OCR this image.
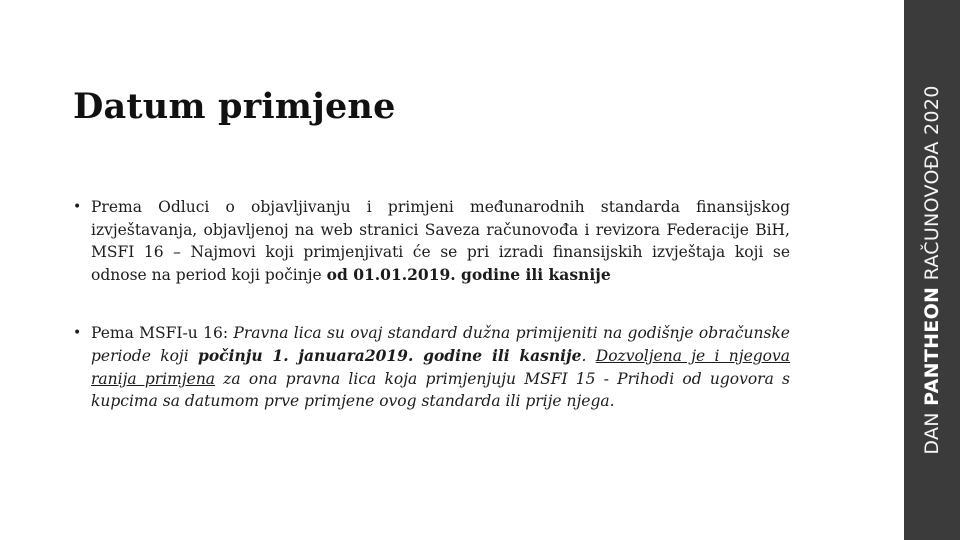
Datum primjene
• Prema Odluci o objavljivanju i primjeni međunarodnih standarda finansijskog izvještavanja, objavljenoj na web stranici Saveza računovođa i revizora Federacije BiH, MSFI 16 – Najmovi koji primjenjivati će se pri izradi finansijskih izvještaja koji se odnose na period koji počinje od 01.01.2019. godine ili kasnije
• Pema MSFI-u 16: Pravna lica su ovaj standard dužna primijeniti na godišnje obračunske periode koji počinju 1. januara2019. godine ili kasnije. Dozvoljena je i njegova ranija primjena za ona pravna lica koja primjenjuju MSFI 15 - Prihodi od ugovora s kupcima sa datumom prve primjene ovog standarda ili prije njega.
DAN PANTHEON RAČUNOVOĐA 2020
